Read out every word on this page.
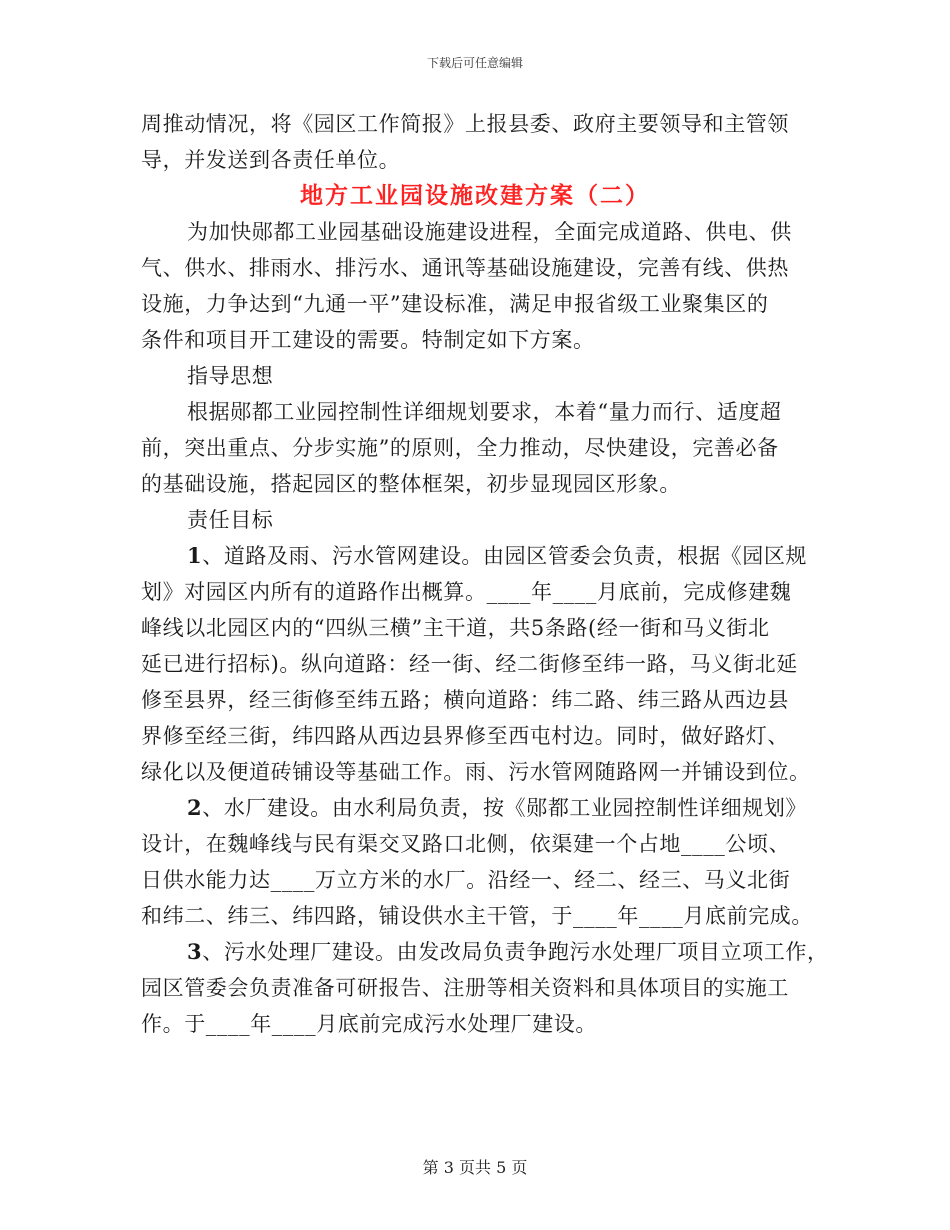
下载后可任意编辑

周推动情况，将《园区工作简报》上报县委、政府主要领导和主管领

导，并发送到各责任单位。

地方工业园设施改建方案（二）

为加快郧都工业园基础设施建设进程，全面完成道路、供电、供

气、供水、排雨水、排污水、通讯等基础设施建设，完善有线、供热

设施，力争达到“九通一平”建设标准，满足申报省级工业聚集区的

条件和项目开工建设的需要。特制定如下方案。

指导思想

根据郧都工业园控制性详细规划要求，本着“量力而行、适度超

前，突出重点、分步实施”的原则，全力推动，尽快建设，完善必备

的基础设施，搭起园区的整体框架，初步显现园区形象。

责任目标

1、道路及雨、污水管网建设。由园区管委会负责，根据《园区规

划》对园区内所有的道路作出概算。____年____月底前，完成修建魏

峰线以北园区内的“四纵三横”主干道，共5条路(经一街和马义街北

延已进行招标)。纵向道路：经一街、经二街修至纬一路，马义街北延

修至县界，经三街修至纬五路；横向道路：纬二路、纬三路从西边县

界修至经三街，纬四路从西边县界修至西屯村边。同时，做好路灯、

绿化以及便道砖铺设等基础工作。雨、污水管网随路网一并铺设到位。

2、水厂建设。由水利局负责，按《郧都工业园控制性详细规划》

设计，在魏峰线与民有渠交叉路口北侧，依渠建一个占地____公顷、

日供水能力达____万立方米的水厂。沿经一、经二、经三、马义北街

和纬二、纬三、纬四路，铺设供水主干管，于____年____月底前完成。

3、污水处理厂建设。由发改局负责争跑污水处理厂项目立项工作，

园区管委会负责准备可研报告、注册等相关资料和具体项目的实施工

作。于____年____月底前完成污水处理厂建设。

第 3 页共 5 页
